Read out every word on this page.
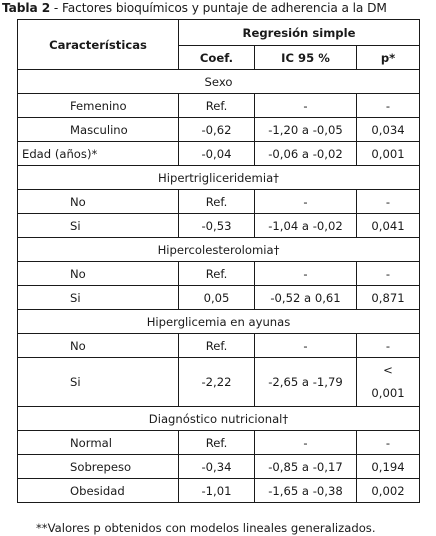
Tabla 2 - Factores bioquímicos y puntaje de adherencia a la DM
Características	Regresión simple		
	Coef.	IC 95 %	p*
Sexo			
Femenino	Ref.	-	-
Masculino	-0,62	-1,20 a -0,05	0,034
Edad (años)*	-0,04	-0,06 a -0,02	0,001
Hipertrigliceridemia†			
No	Ref.	-	-
Si	-0,53	-1,04 a -0,02	0,041
Hipercolesterolomia†			
No	Ref.	-	-
Si	0,05	-0,52 a 0,61	0,871
Hiperglicemia en ayunas			
No	Ref.	-	-
Si	-2,22	-2,65 a -1,79	<
0,001
Diagnóstico nutricional†			
Normal	Ref.	-	-
Sobrepeso	-0,34	-0,85 a -0,17	0,194
Obesidad	-1,01	-1,65 a -0,38	0,002
**Valores p obtenidos con modelos lineales generalizados.
